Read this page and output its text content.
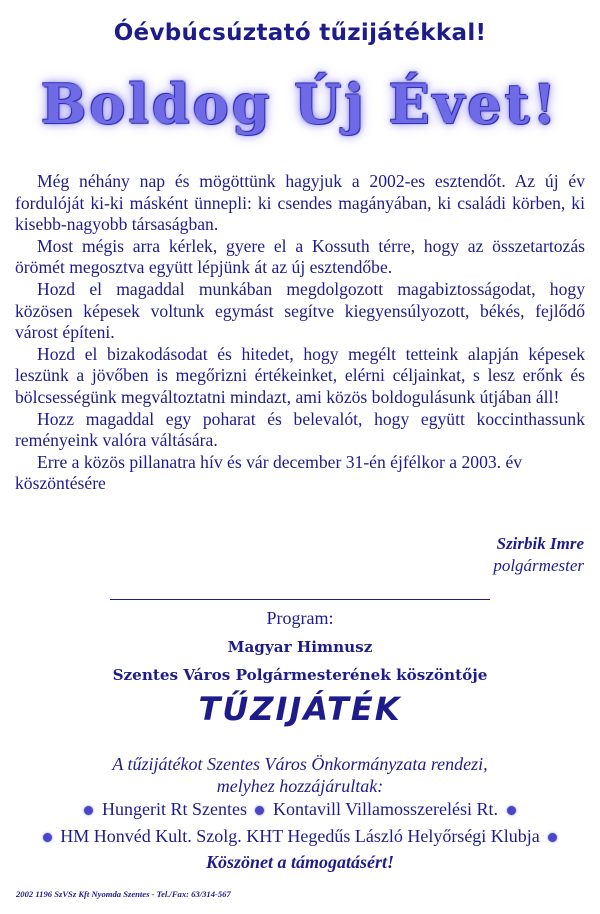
Óévbúcsúztató tűzijátékkal!
Boldog Új Évet!

Még néhány nap és mögöttünk hagyjuk a 2002-es esztendőt. Az új év fordulóját ki-ki másként ünnepli: ki csendes magányában, ki családi körben, ki kisebb-nagyobb társaságban.

Most mégis arra kérlek, gyere el a Kossuth térre, hogy az összetartozás örömét megosztva együtt lépjünk át az új esztendőbe.

Hozd el magaddal munkában megdolgozott magabiztosságodat, hogy közösen képesek voltunk egymást segítve kiegyensúlyozott, békés, fejlődő várost építeni.

Hozd el bizakodásodat és hitedet, hogy megélt tetteink alapján képesek leszünk a jövőben is megőrizni értékeinket, elérni céljainkat, s lesz erőnk és bölcsességünk megváltoztatni mindazt, ami közös boldogulásunk útjában áll!

Hozz magaddal egy poharat és belevalót, hogy együtt koccinthassunk reményeink valóra váltására.

Erre a közös pillanatra hív és vár december 31-én éjfélkor a 2003. év köszöntésére

Szirbik Imre
polgármester
Program:
Magyar Himnusz
Szentes Város Polgármesterének köszöntője
TŰZIJÁTÉK
A tűzijátékot Szentes Város Önkormányzata rendezi,
melyhez hozzájárultak:
Hungerit Rt Szentes Kontavill Villamosszerelési Rt.
HM Honvéd Kult. Szolg. KHT Hegedűs László Helyőrségi Klubja
Köszönet a támogatásért!
2002 1196 SzVSz Kft Nyomda Szentes - Tel./Fax: 63/314-567
